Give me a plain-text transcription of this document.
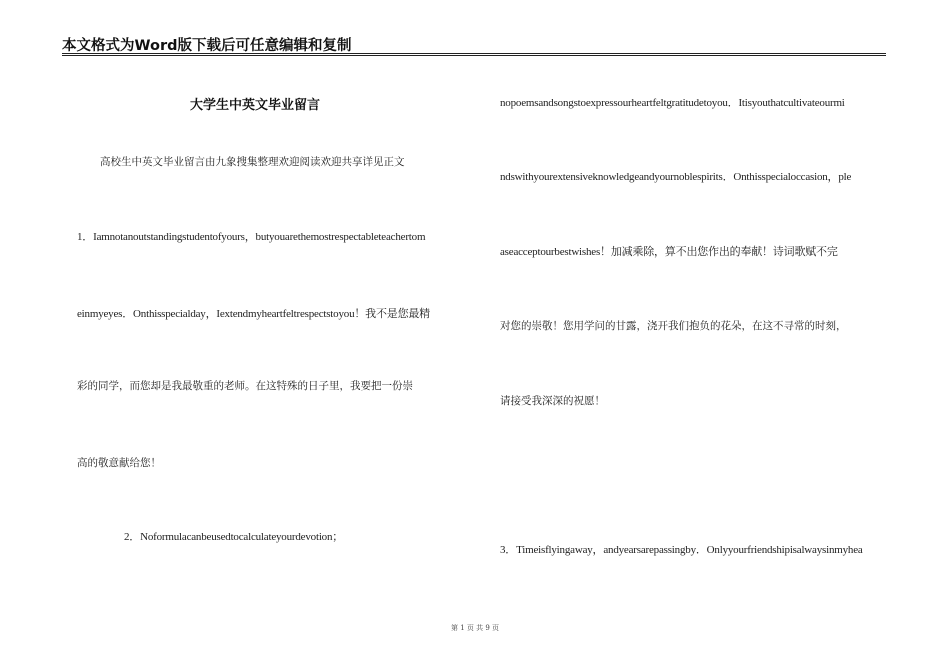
本文格式为Word版下载后可任意编辑和复制
大学生中英文毕业留言
高校生中英文毕业留言由九象搜集整理欢迎阅读欢迎共享详见正文
1．Iamnotanoutstandingstudentofyours，butyouarethemostrespectableteachertom
einmyeyes．Onthisspecialday，Iextendmyheartfeltrespectstoyou！我不是您最精
彩的同学，而您却是我最敬重的老师。在这特殊的日子里，我要把一份崇
高的敬意献给您！
2．Noformulacanbeusedtocalculateyourdevotion；
nopoemsandsongstoexpressourheartfeltgratitudetoyou．Itisyouthatcultivateourmi
ndswithyourextensiveknowledgeandyournoblespirits．Onthisspecialoccasion，ple
aseacceptourbestwishes！加减乘除，算不出您作出的奉献！诗词歌赋不完
对您的崇敬！您用学问的甘露，浇开我们抱负的花朵，在这不寻常的时刻，
请接受我深深的祝愿！
3．Timeisflyingaway，andyearsarepassingby．Onlyyourfriendshipisalwaysinmyhea
第 1 页 共 9 页
